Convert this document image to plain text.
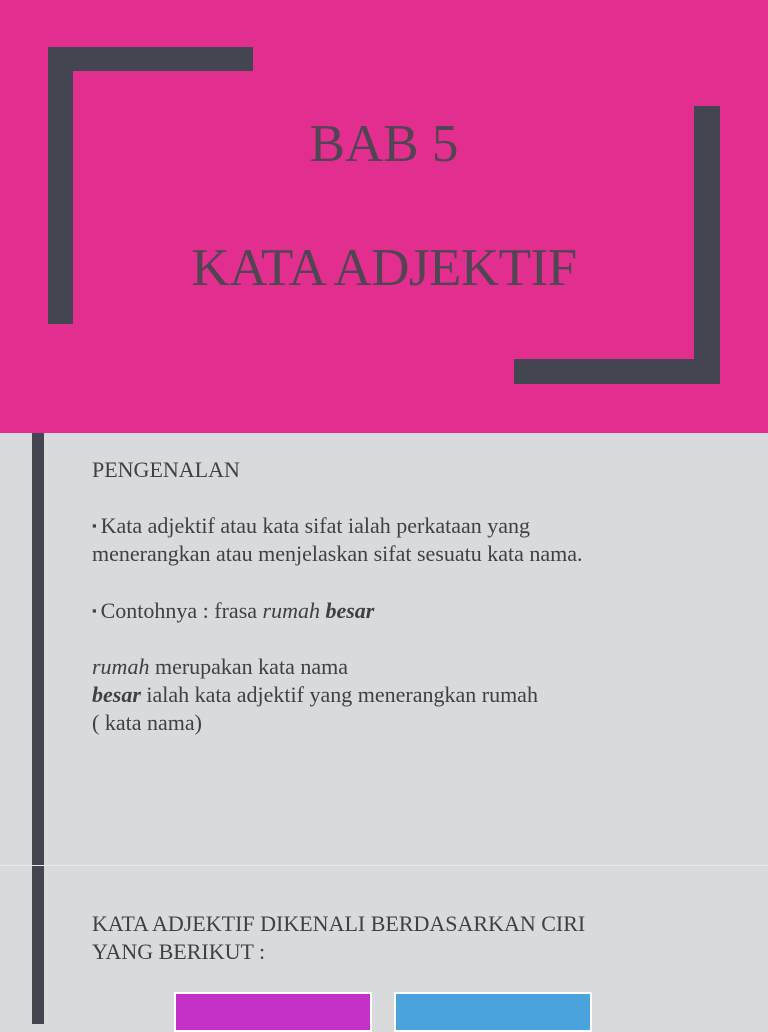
BAB 5
KATA ADJEKTIF

PENGENALAN

▪ Kata adjektif atau kata sifat ialah perkataan yang
menerangkan atau menjelaskan sifat sesuatu kata nama.

▪ Contohnya : frasa rumah besar

rumah merupakan kata nama
besar ialah kata adjektif yang menerangkan rumah
( kata nama)

KATA ADJEKTIF DIKENALI BERDASARKAN CIRI
YANG BERIKUT :
